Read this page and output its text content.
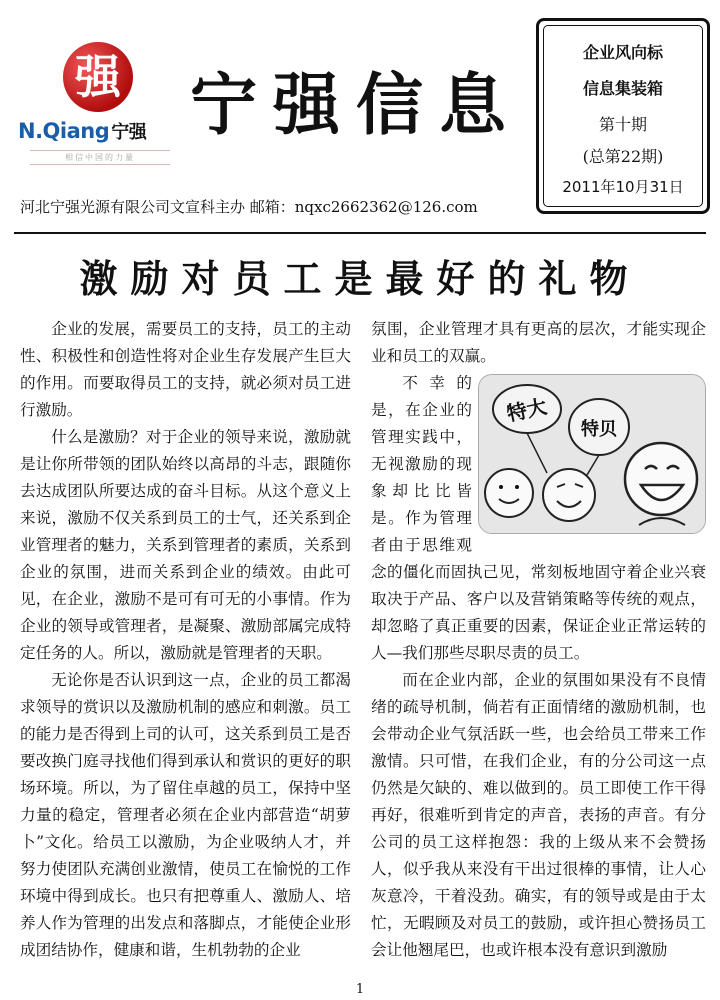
强
N.Qiang 宁强
相信中国的力量
宁强信息
企业风向标
信息集装箱
第十期
(总第22期)
2011年10月31日
河北宁强光源有限公司文宣科主办 邮箱：nqxc2662362@126.com
激励对员工是最好的礼物

企业的发展，需要员工的支持，员工的主动性、积极性和创造性将对企业生存发展产生巨大的作用。而要取得员工的支持，就必须对员工进行激励。

什么是激励？对于企业的领导来说，激励就是让你所带领的团队始终以高昂的斗志，跟随你去达成团队所要达成的奋斗目标。从这个意义上来说，激励不仅关系到员工的士气，还关系到企业管理者的魅力，关系到管理者的素质，关系到企业的氛围，进而关系到企业的绩效。由此可见，在企业，激励不是可有可无的小事情。作为企业的领导或管理者，是凝聚、激励部属完成特定任务的人。所以，激励就是管理者的天职。

无论你是否认识到这一点，企业的员工都渴求领导的赏识以及激励机制的感应和刺激。员工的能力是否得到上司的认可，这关系到员工是否要改换门庭寻找他们得到承认和赏识的更好的职场环境。所以，为了留住卓越的员工，保持中坚力量的稳定，管理者必须在企业内部营造“胡萝卜”文化。给员工以激励，为企业吸纳人才，并努力使团队充满创业激情，使员工在愉悦的工作环境中得到成长。也只有把尊重人、激励人、培养人作为管理的出发点和落脚点，才能使企业形成团结协作，健康和谐，生机勃勃的企业

氛围，企业管理才具有更高的层次，才能实现企业和员工的双赢。

特大
特贝
不幸的是，在企业的管理实践中，无视激励的现象却比比皆是。作为管理者由于思维观念的僵化而固执己见，常刻板地固守着企业兴衰取决于产品、客户以及营销策略等传统的观点，却忽略了真正重要的因素，保证企业正常运转的人—我们那些尽职尽责的员工。

而在企业内部，企业的氛围如果没有不良情绪的疏导机制，倘若有正面情绪的激励机制，也会带动企业气氛活跃一些，也会给员工带来工作激情。只可惜，在我们企业，有的分公司这一点仍然是欠缺的、难以做到的。员工即使工作干得再好，很难听到肯定的声音，表扬的声音。有分公司的员工这样抱怨：我的上级从来不会赞扬人，似乎我从来没有干出过很棒的事情，让人心灰意冷，干着没劲。确实，有的领导或是由于太忙，无暇顾及对员工的鼓励，或许担心赞扬员工会让他翘尾巴，也或许根本没有意识到激励

1
